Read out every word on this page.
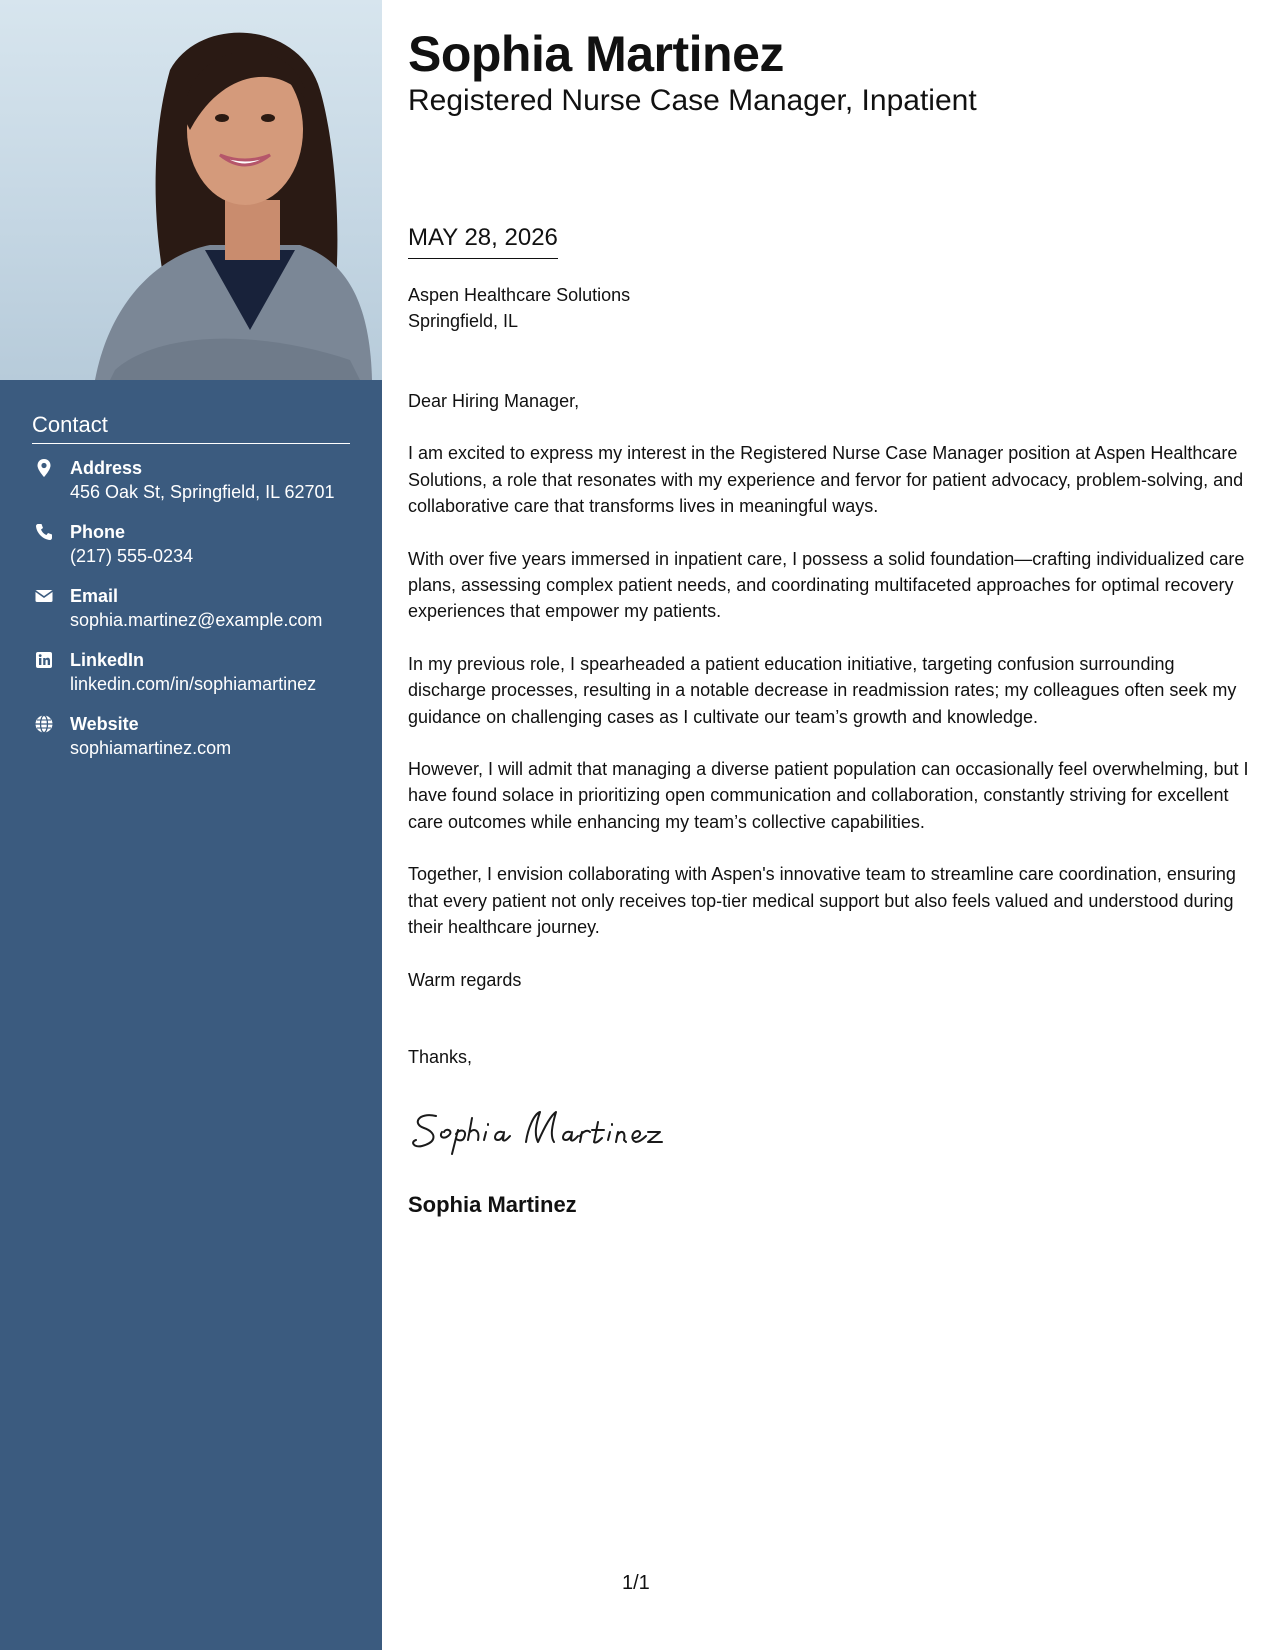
Contact
Address
456 Oak St, Springfield, IL 62701
Phone
(217) 555-0234
Email
sophia.martinez@example.com
LinkedIn
linkedin.com/in/sophiamartinez
Website
sophiamartinez.com
Sophia Martinez
Registered Nurse Case Manager, Inpatient
MAY 28, 2026
Aspen Healthcare Solutions
Springfield, IL

Dear Hiring Manager,

I am excited to express my interest in the Registered Nurse Case Manager position at Aspen Healthcare Solutions, a role that resonates with my experience and fervor for patient advocacy, problem-solving, and collaborative care that transforms lives in meaningful ways.

With over five years immersed in inpatient care, I possess a solid foundation—crafting individualized care plans, assessing complex patient needs, and coordinating multifaceted approaches for optimal recovery experiences that empower my patients.

In my previous role, I spearheaded a patient education initiative, targeting confusion surrounding discharge processes, resulting in a notable decrease in readmission rates; my colleagues often seek my guidance on challenging cases as I cultivate our team’s growth and knowledge.

However, I will admit that managing a diverse patient population can occasionally feel overwhelming, but I have found solace in prioritizing open communication and collaboration, constantly striving for excellent care outcomes while enhancing my team’s collective capabilities.

Together, I envision collaborating with Aspen's innovative team to streamline care coordination, ensuring that every patient not only receives top-tier medical support but also feels valued and understood during their healthcare journey.

Warm regards

Thanks,
Sophia Martinez
1/1
